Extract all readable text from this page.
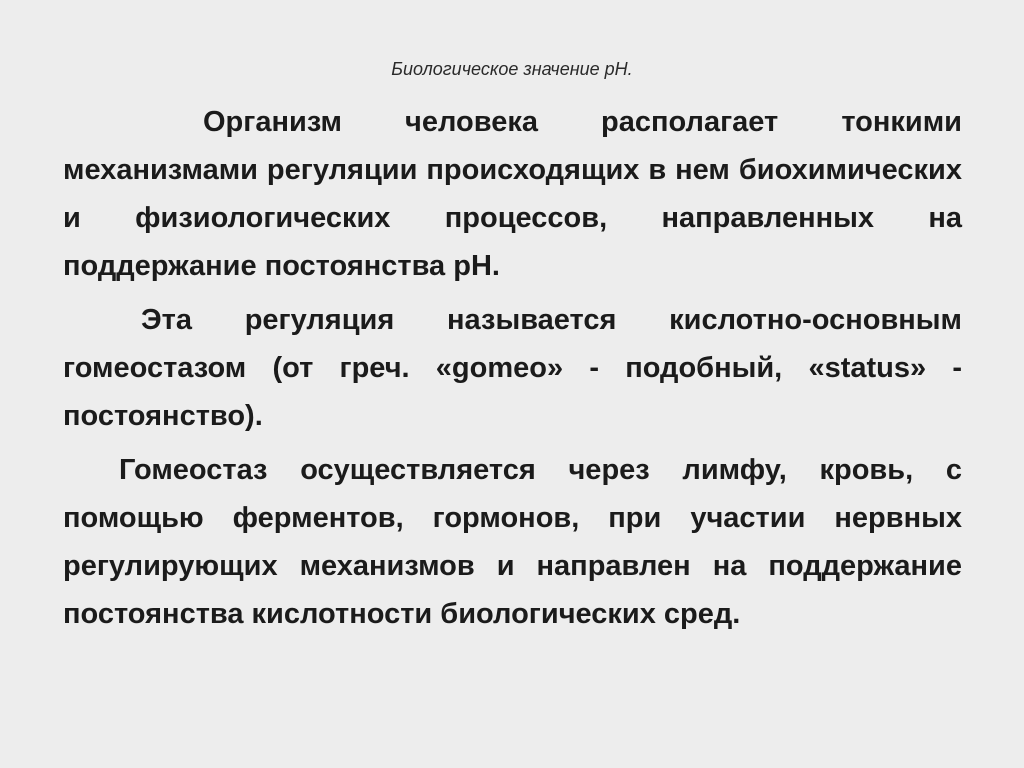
Биологическое значение рН.

Организм человека располагает тонкими механизмами регуляции происходящих в нем биохимических и физиологических процессов, направленных на поддержание постоянства рН.

Эта регуляция называется кислотно-основным гомеостазом (от греч. «gomeo» - подобный, «status» - постоянство).

Гомеостаз осуществляется через лимфу, кровь, с помощью ферментов, гормонов, при участии нервных регулирующих механизмов и направлен на поддержание постоянства кислотности биологических сред.
